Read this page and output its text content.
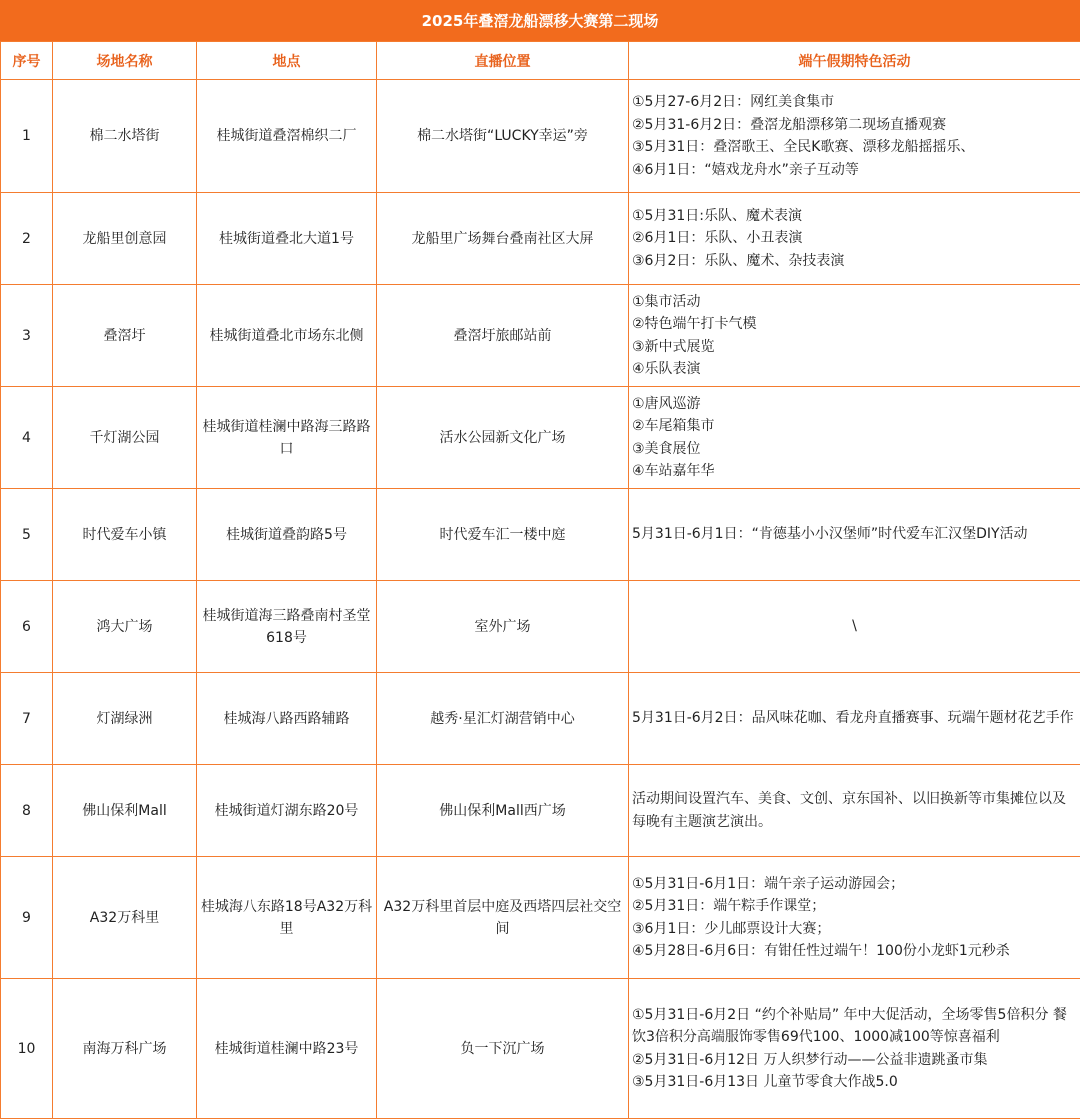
2025年叠滘龙船漂移大赛第二现场
序号	场地名称	地点	直播位置	端午假期特色活动
1	棉二水塔街	桂城街道叠滘棉织二厂	棉二水塔街“LUCKY幸运”旁	①5月27-6月2日：网红美食集市
②5月31-6月2日：叠滘龙船漂移第二现场直播观赛
③5月31日：叠滘歌王、全民K歌赛、漂移龙船摇摇乐、
④6月1日：“嬉戏龙舟水”亲子互动等

2	龙船里创意园	桂城街道叠北大道1号	龙船里广场舞台叠南社区大屏	①5月31日:乐队、魔术表演
②6月1日：乐队、小丑表演
③6月2日：乐队、魔术、杂技表演

3	叠滘圩	桂城街道叠北市场东北侧	叠滘圩旅邮站前	①集市活动
②特色端午打卡气模
③新中式展览
④乐队表演

4	千灯湖公园	桂城街道桂澜中路海三路路口	活水公园新文化广场	①唐风巡游
②车尾箱集市
③美食展位
④车站嘉年华

5	时代爱车小镇	桂城街道叠韵路5号	时代爱车汇一楼中庭	5月31日-6月1日：“肯德基小小汉堡师”时代爱车汇汉堡DIY活动

6	鸿大广场	桂城街道海三路叠南村圣堂618号	室外广场	\

7	灯湖绿洲	桂城海八路西路辅路	越秀·星汇灯湖营销中心	5月31日-6月2日：品风味花咖、看龙舟直播赛事、玩端午题材花艺手作

8	佛山保利Mall	桂城街道灯湖东路20号	佛山保利Mall西广场	活动期间设置汽车、美食、文创、京东国补、以旧换新等市集摊位以及每晚有主题演艺演出。

9	A32万科里	桂城海八东路18号A32万科里	A32万科里首层中庭及西塔四层社交空间	①5月31日-6月1日：端午亲子运动游园会；
②5月31日：端午粽手作课堂；
③6月1日：少儿邮票设计大赛；
④5月28日-6月6日：有钳任性过端午！100份小龙虾1元秒杀

10	南海万科广场	桂城街道桂澜中路23号	负一下沉广场	①5月31日-6月2日 “约个补贴局” 年中大促活动，全场零售5倍积分 餐饮3倍积分高端服饰零售69代100、1000减100等惊喜福利
②5月31日-6月12日 万人织梦行动——公益非遗跳蚤市集
③5月31日-6月13日 儿童节零食大作战5.0
